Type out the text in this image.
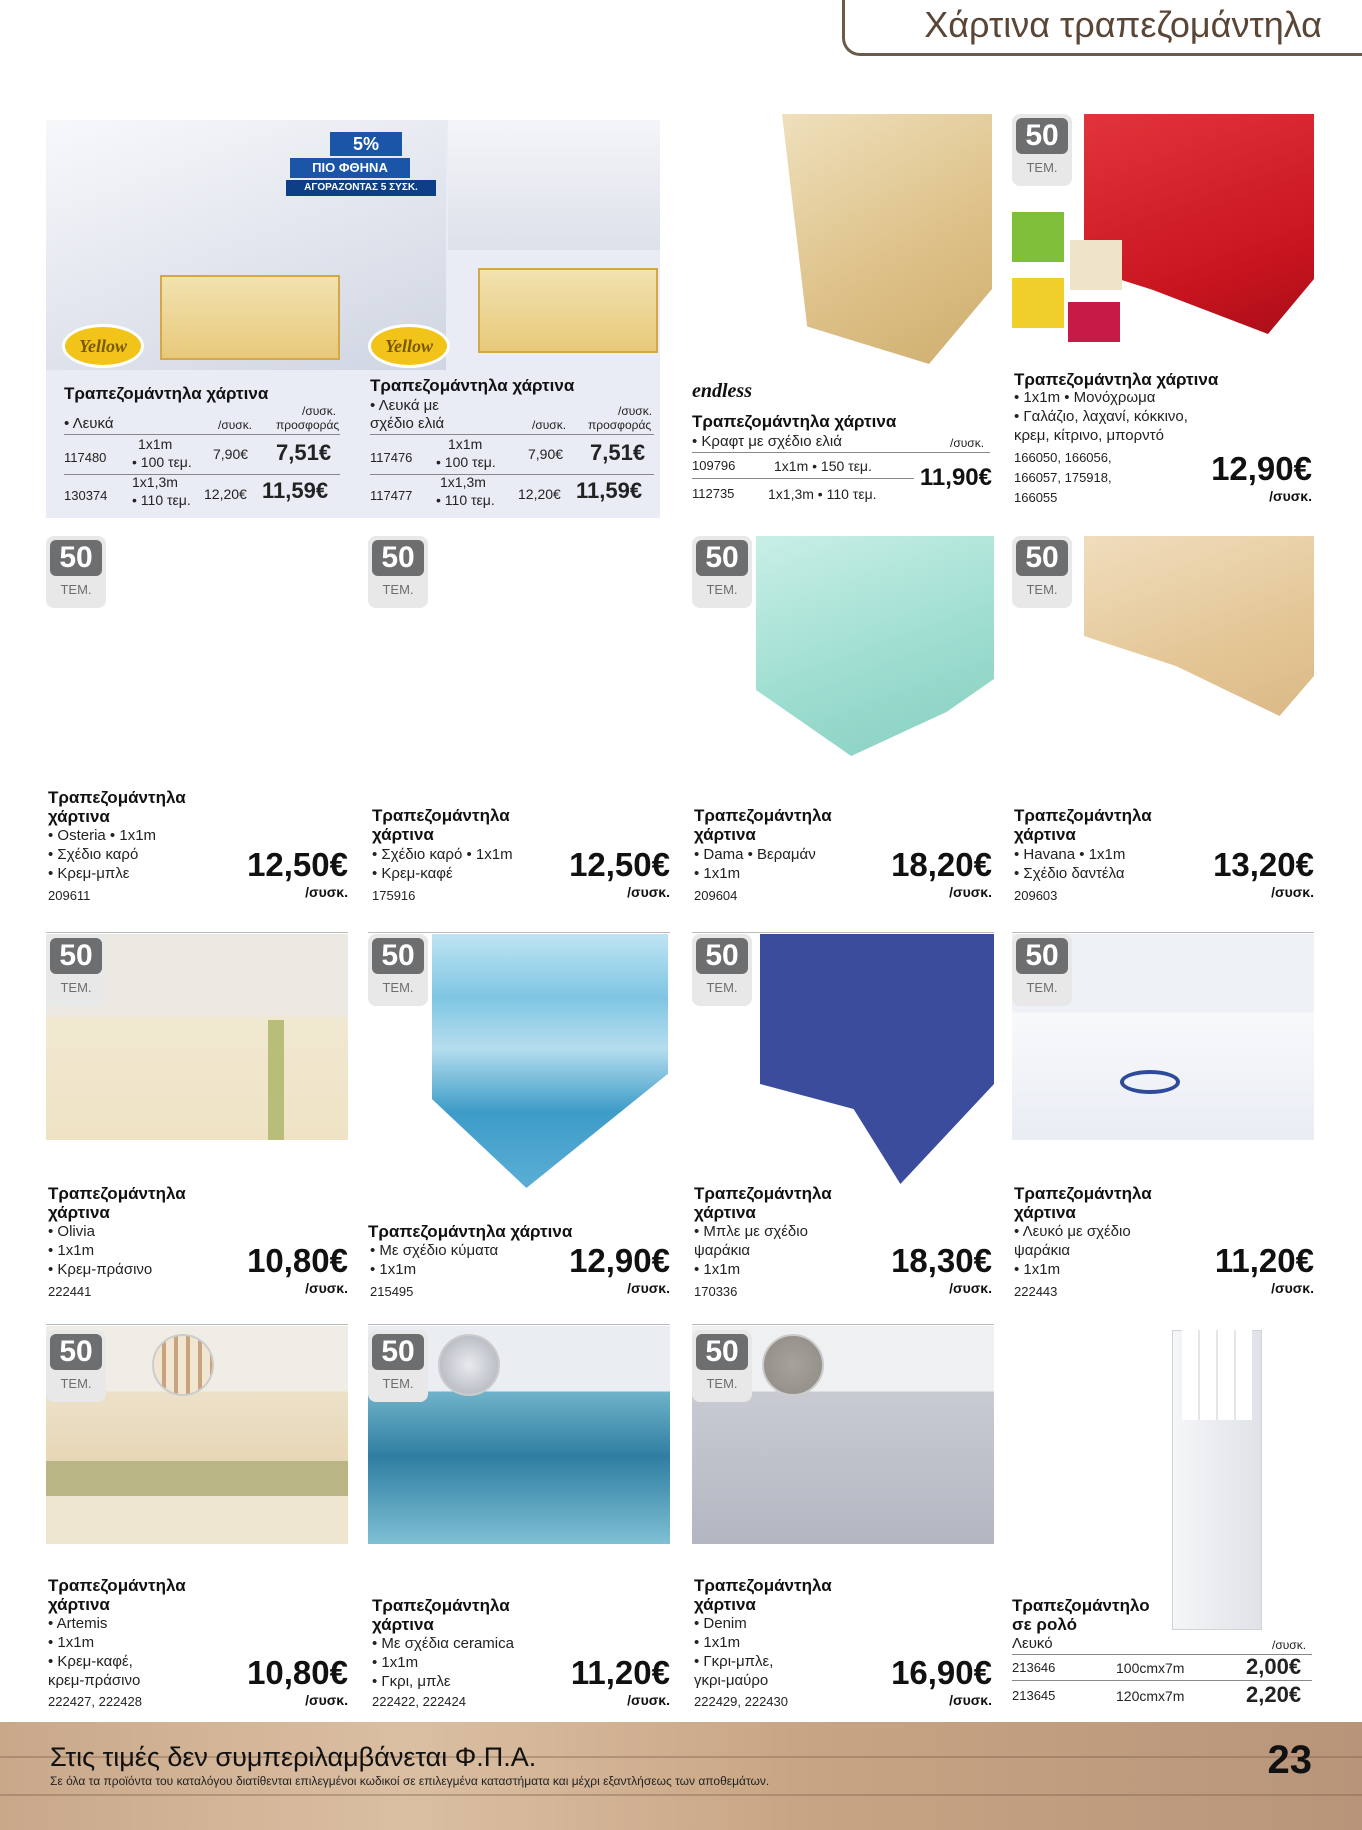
Χάρτινα τραπεζομάντηλα
5%
ΠΙΟ ΦΘΗΝΑ
ΑΓΟΡΑΖΟΝΤΑΣ 5 ΣΥΣΚ.
Yellow	Yellow
Τραπεζομάντηλα χάρτινα
• Λευκά	/συσκ.
/συσκ.
προσφοράς
117480
1x1m
• 100 τεμ. 7,90€ 7,51€
130374
1x1,3m
• 110 τεμ. 12,20€ 11,59€
Τραπεζομάντηλα χάρτινα
• Λευκά με
σχέδιο ελιά	/συσκ.
/συσκ.
προσφοράς
117476
1x1m
• 100 τεμ. 7,90€ 7,51€
117477
1x1,3m
• 110 τεμ. 12,20€ 11,59€
endless
Τραπεζομάντηλα χάρτινα
• Κραφτ με σχέδιο ελιά	/συσκ.
109796	1x1m • 150 τεμ.
112735 1x1,3m • 110 τεμ.
11,90€
50
ΤΕΜ.
Τραπεζομάντηλα χάρτινα
• 1x1m • Μονόχρωμα
• Γαλάζιο, λαχανί, κόκκινο,
κρεμ, κίτρινο, μπορντό
166050, 166056,
166057, 175918,
166055
12,90€
/συσκ.
50
ΤΕΜ.
Τραπεζομάντηλα
χάρτινα
• Osteria • 1x1m
• Σχέδιο καρό
• Κρεμ-μπλε
209611
12,50€
/συσκ.
50
ΤΕΜ.
Τραπεζομάντηλα
χάρτινα
• Σχέδιο καρό • 1x1m
• Κρεμ-καφέ
175916
12,50€
/συσκ.
50
ΤΕΜ.
Τραπεζομάντηλα
χάρτινα
• Dama • Βεραμάν
• 1x1m
209604
18,20€
/συσκ.
50
ΤΕΜ.
Τραπεζομάντηλα
χάρτινα
• Havana • 1x1m
• Σχέδιο δαντέλα
209603
13,20€
/συσκ.
50
ΤΕΜ.
Τραπεζομάντηλα
χάρτινα
• Olivia
• 1x1m
• Κρεμ-πράσινο
222441
10,80€
/συσκ.
50
ΤΕΜ.
Τραπεζομάντηλα χάρτινα
• Με σχέδιο κύματα
• 1x1m
215495
12,90€
/συσκ.
50
ΤΕΜ.
Τραπεζομάντηλα
χάρτινα
• Μπλε με σχέδιο
ψαράκια
• 1x1m
170336
18,30€
/συσκ.
50
ΤΕΜ.
Τραπεζομάντηλα
χάρτινα
• Λευκό με σχέδιο
ψαράκια
• 1x1m
222443
11,20€
/συσκ.
50
ΤΕΜ.
Τραπεζομάντηλα
χάρτινα
• Artemis
• 1x1m
• Κρεμ-καφέ,
κρεμ-πράσινο
222427, 222428
10,80€
/συσκ.
50
ΤΕΜ.
Τραπεζομάντηλα
χάρτινα
• Με σχέδια ceramica
• 1x1m
• Γκρι, μπλε
222422, 222424
11,20€
/συσκ.
50
ΤΕΜ.
Τραπεζομάντηλα
χάρτινα
• Denim
• 1x1m
• Γκρι-μπλε,
γκρι-μαύρο
222429, 222430
16,90€
/συσκ.
Τραπεζομάντηλο
σε ρολό
Λευκό	/συσκ.
213646	100cmx7m	2,00€
213645	120cmx7m	2,20€
Στις τιμές δεν συμπεριλαμβάνεται Φ.Π.Α.
Σε όλα τα προϊόντα του καταλόγου διατίθενται επιλεγμένοι κωδικοί σε επιλεγμένα καταστήματα και μέχρι εξαντλήσεως των αποθεμάτων.	23
